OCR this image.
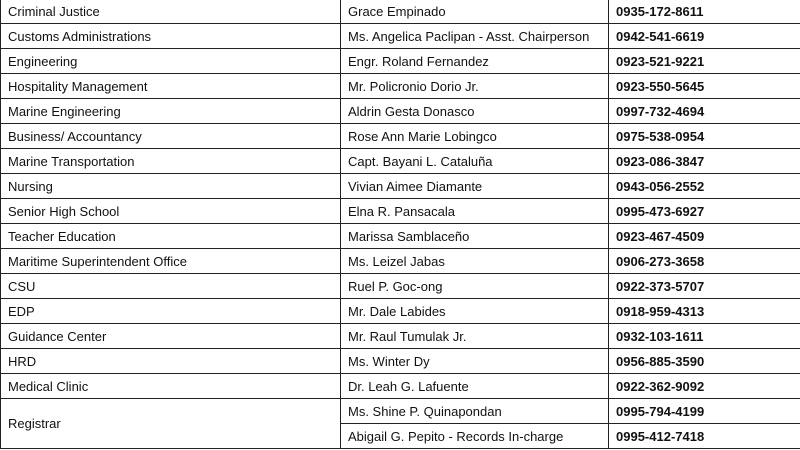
Criminal Justice	Grace Empinado	0935-172-8611
Customs Administrations	Ms. Angelica Paclipan - Asst. Chairperson	0942-541-6619
Engineering	Engr. Roland Fernandez	0923-521-9221
Hospitality Management	Mr. Policronio Dorio Jr.	0923-550-5645
Marine Engineering	Aldrin Gesta Donasco	0997-732-4694
Business/ Accountancy	Rose Ann Marie Lobingco	0975-538-0954
Marine Transportation	Capt. Bayani L. Cataluña	0923-086-3847
Nursing	Vivian Aimee Diamante	0943-056-2552
Senior High School	Elna R. Pansacala	0995-473-6927
Teacher Education	Marissa Samblaceño	0923-467-4509
Maritime Superintendent Office	Ms. Leizel Jabas	0906-273-3658
CSU	Ruel P. Goc-ong	0922-373-5707
EDP	Mr. Dale Labides	0918-959-4313
Guidance Center	Mr. Raul Tumulak Jr.	0932-103-1611
HRD	Ms. Winter Dy	0956-885-3590
Medical Clinic	Dr. Leah G. Lafuente	0922-362-9092
Registrar	Ms. Shine P. Quinapondan	0995-794-4199
	Abigail G. Pepito - Records In-charge	0995-412-7418
